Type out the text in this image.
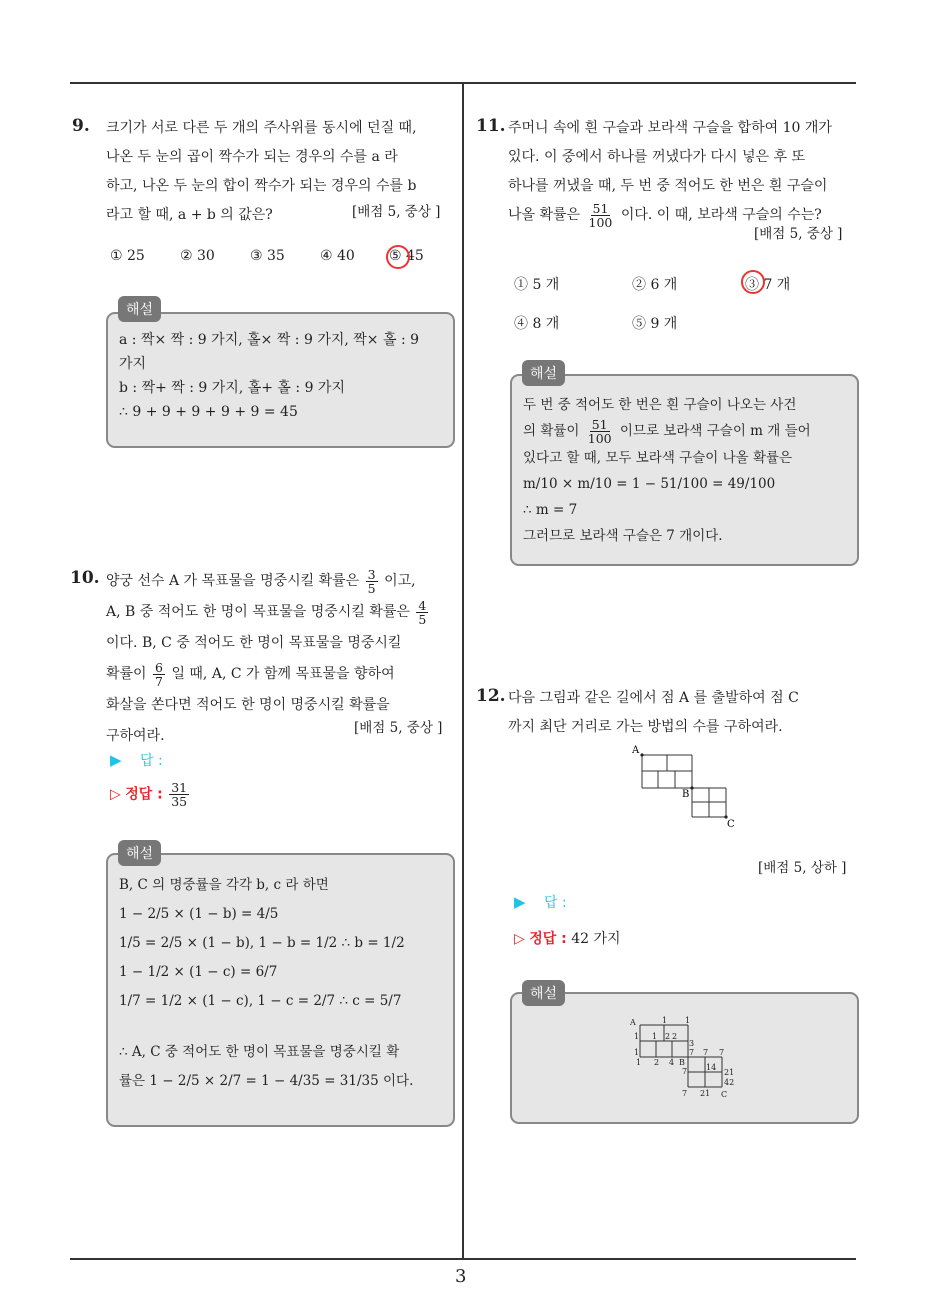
3
9. 크기가 서로 다른 두 개의 주사위를 동시에 던질 때,
나온 두 눈의 곱이 짝수가 되는 경우의 수를 a 라
하고, 나온 두 눈의 합이 짝수가 되는 경우의 수를 b
라고 할 때, a + b 의 값은?	[배점 5, 중상 ]
① 25	② 30	③ 35	④ 40 ⑤ 45
a : 짝× 짝 : 9 가지, 홀× 짝 : 9 가지, 짝× 홀 : 9
가지
b : 짝+ 짝 : 9 가지, 홀+ 홀 : 9 가지
∴ 9 + 9 + 9 + 9 + 9 = 45
해설
10. 양궁 선수 A 가 목표물을 명중시킬 확률은 $\frac{3}{5}$ 이고,
A, B 중 적어도 한 명이 목표물을 명중시킬 확률은 $\frac{4}{5}$
이다. B, C 중 적어도 한 명이 목표물을 명중시킬
확률이 $\frac{6}{7}$ 일 때, A, C 가 함께 목표물을 향하여
화살을 쏜다면 적어도 한 명이 명중시킬 확률을
구하여라.	[배점 5, 중상 ]
▶ 답 :
▷ 정답 : $\frac{31}{35}$
B, C 의 명중률을 각각 b, c 라 하면
1 − 2/5 × (1 − b) = 4/5
1/5 = 2/5 × (1 − b), 1 − b = 1/2 ∴ b = 1/2
1 − 1/2 × (1 − c) = 6/7
1/7 = 1/2 × (1 − c), 1 − c = 2/7 ∴ c = 5/7
∴ A, C 중 적어도 한 명이 목표물을 명중시킬 확
률은 1 − 2/5 × 2/7 = 1 − 4/35 = 31/35 이다.
해설
11. 주머니 속에 흰 구슬과 보라색 구슬을 합하여 10 개가
있다. 이 중에서 하나를 꺼냈다가 다시 넣은 후 또
하나를 꺼냈을 때, 두 번 중 적어도 한 번은 흰 구슬이
나올 확률은 $\frac{51}{100}$ 이다. 이 때, 보라색 구슬의 수는?
[배점 5, 중상 ]
① 5 개	② 6 개	③ 7 개
④ 8 개	⑤ 9 개
두 번 중 적어도 한 번은 흰 구슬이 나오는 사건
의 확률이 $\frac{51}{100}$ 이므로 보라색 구슬이 m 개 들어
있다고 할 때, 모두 보라색 구슬이 나올 확률은
m/10 × m/10 = 1 − 51/100 = 49/100
∴ m = 7
그러므로 보라색 구슬은 7 개이다.
해설
12. 다음 그림과 같은 길에서 점 A 를 출발하여 점 C
까지 최단 거리로 가는 방법의 수를 구하여라.
A
B
C
[배점 5, 상하 ]
▶ 답 :
▷ 정답 : 42 가지
1 1
1 1 2 2
3
1
1 2 4 B
7 7 7
7 14
21
42
7 21 C
A
해설
